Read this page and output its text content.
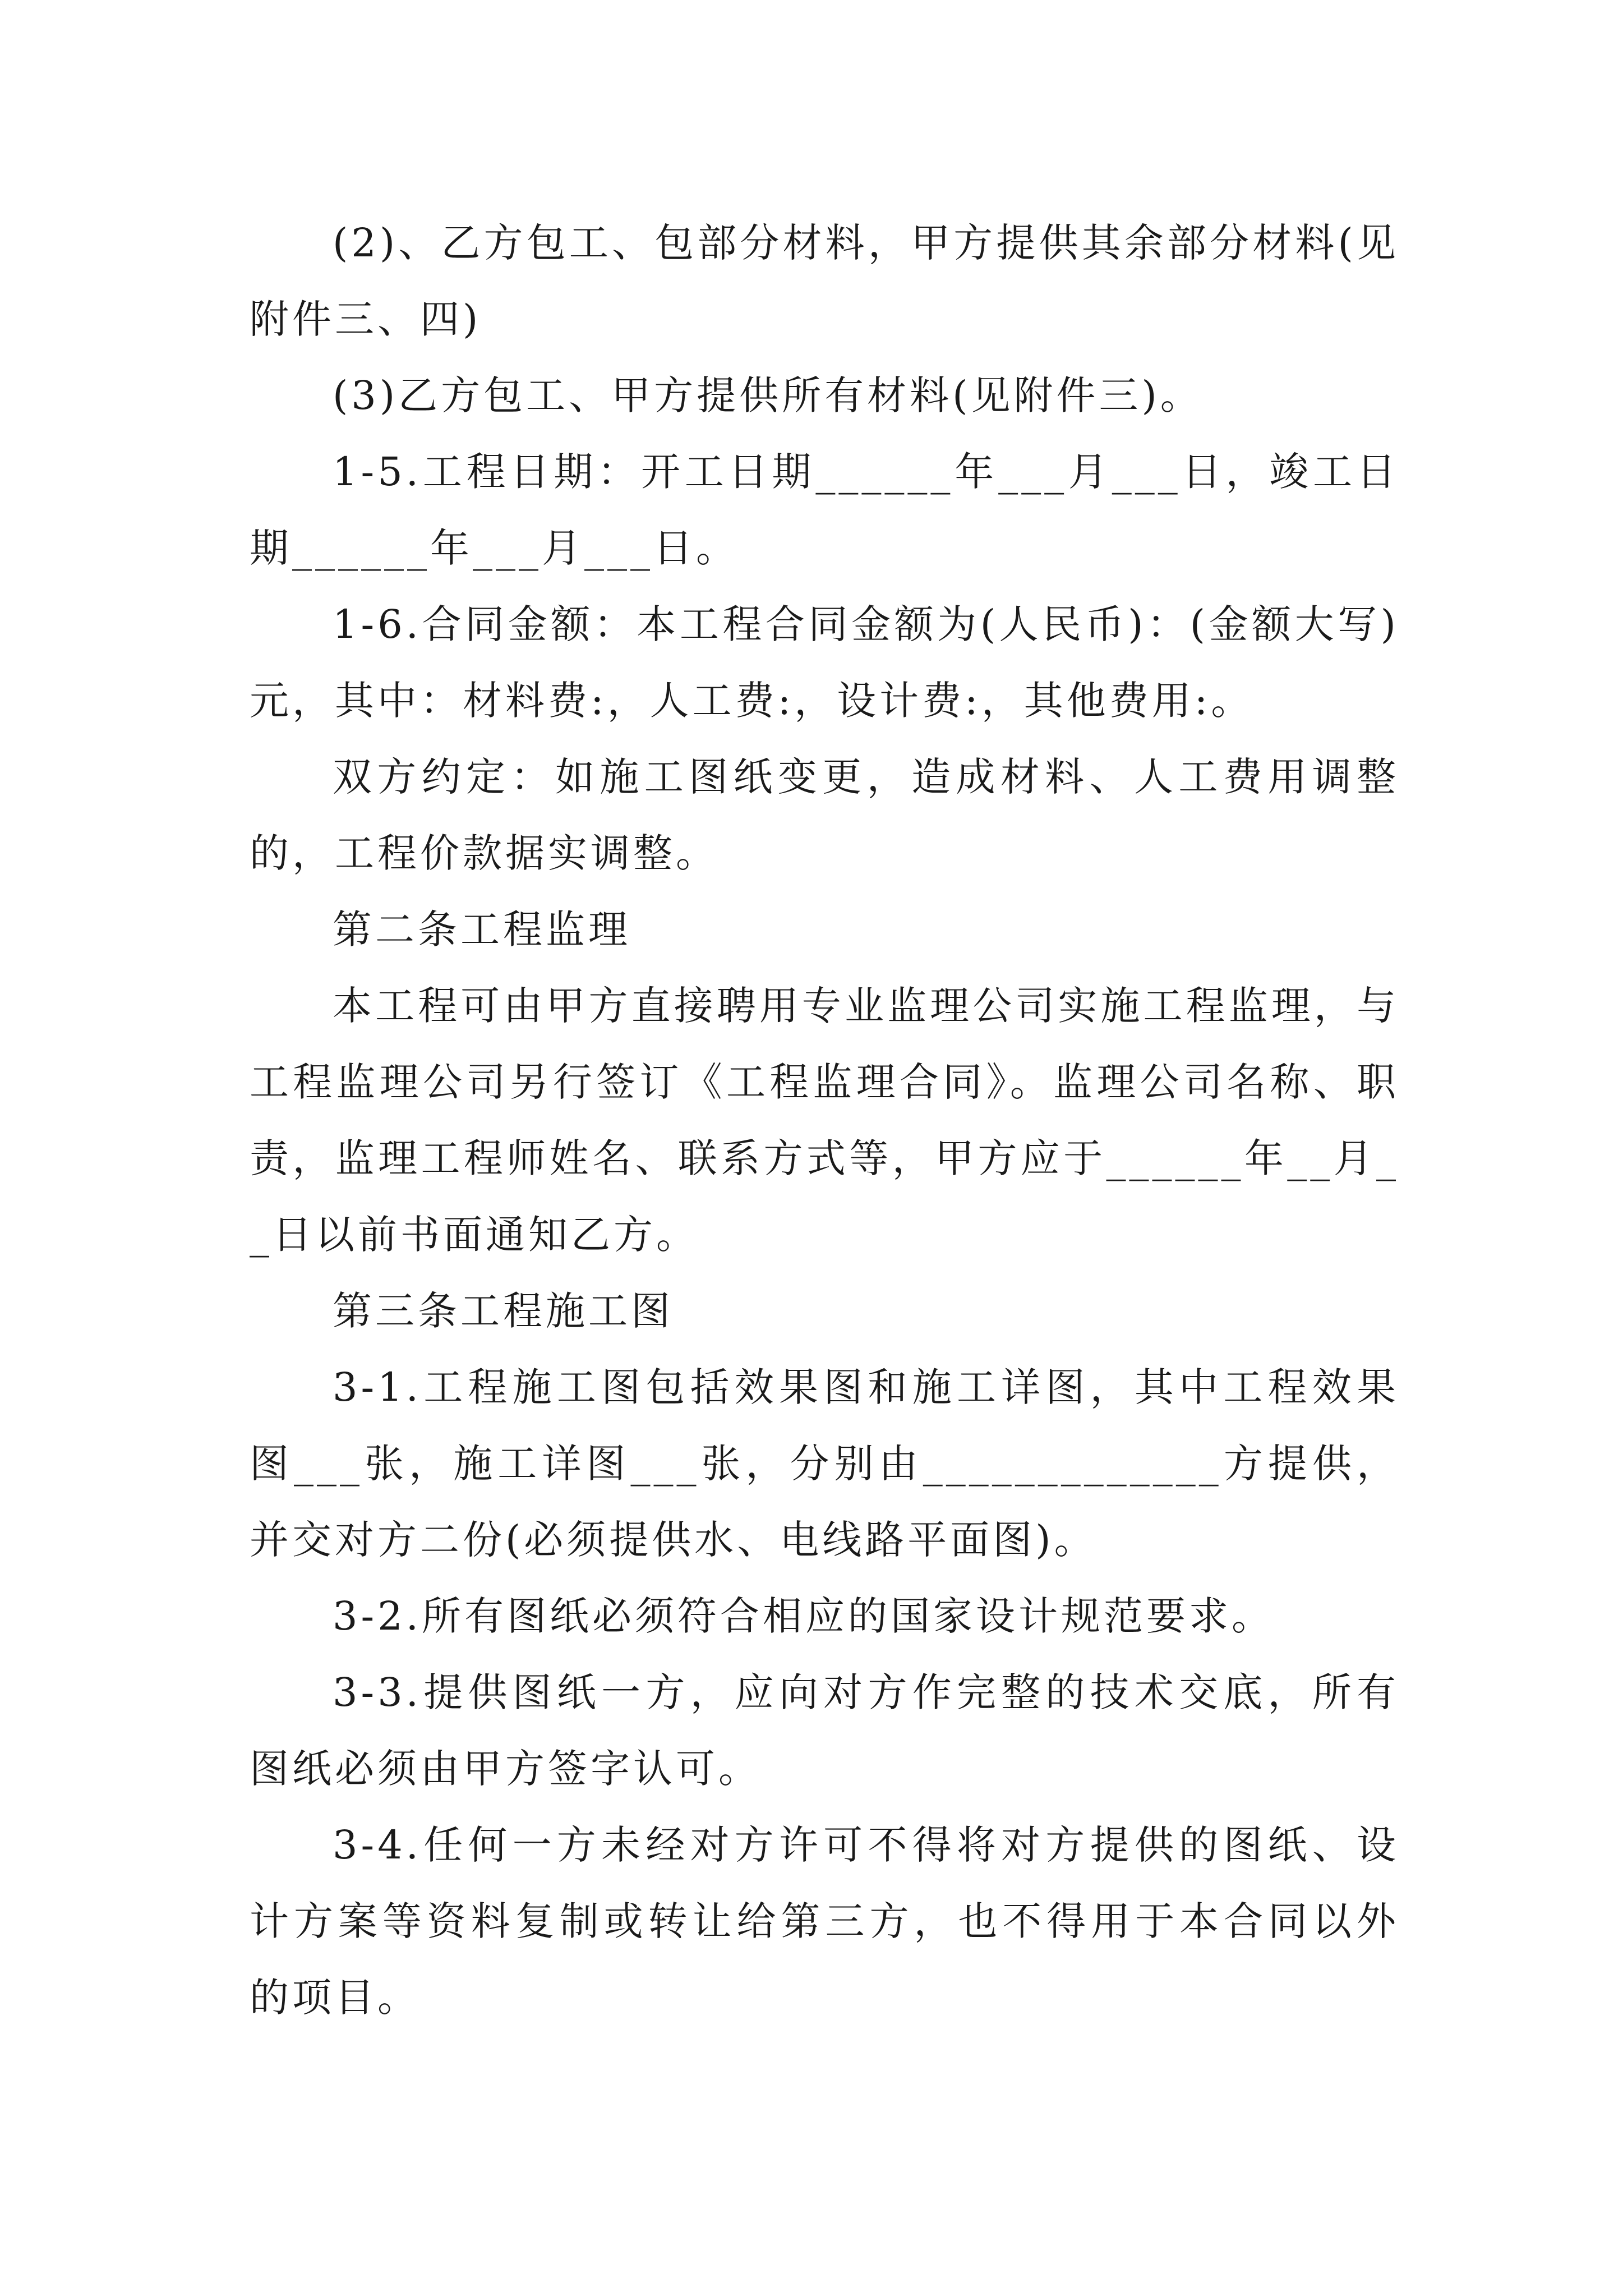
(2)、乙方包工、包部分材料，甲方提供其余部分材料(见附件三、四)

(3)乙方包工、甲方提供所有材料(见附件三)。

1-5.工程日期：开工日期______年___月___日，竣工日期______年___月___日。

1-6.合同金额：本工程合同金额为(人民币)：(金额大写)元，其中：材料费:，人工费:，设计费:，其他费用:。

双方约定：如施工图纸变更，造成材料、人工费用调整的，工程价款据实调整。

第二条工程监理

本工程可由甲方直接聘用专业监理公司实施工程监理，与工程监理公司另行签订《工程监理合同》。监理公司名称、职责，监理工程师姓名、联系方式等，甲方应于______年__月__日以前书面通知乙方。

第三条工程施工图

3-1.工程施工图包括效果图和施工详图，其中工程效果图___张，施工详图___张，分别由_____________方提供，并交对方二份(必须提供水、电线路平面图)。

3-2.所有图纸必须符合相应的国家设计规范要求。

3-3.提供图纸一方，应向对方作完整的技术交底，所有图纸必须由甲方签字认可。

3-4.任何一方未经对方许可不得将对方提供的图纸、设计方案等资料复制或转让给第三方，也不得用于本合同以外的项目。
